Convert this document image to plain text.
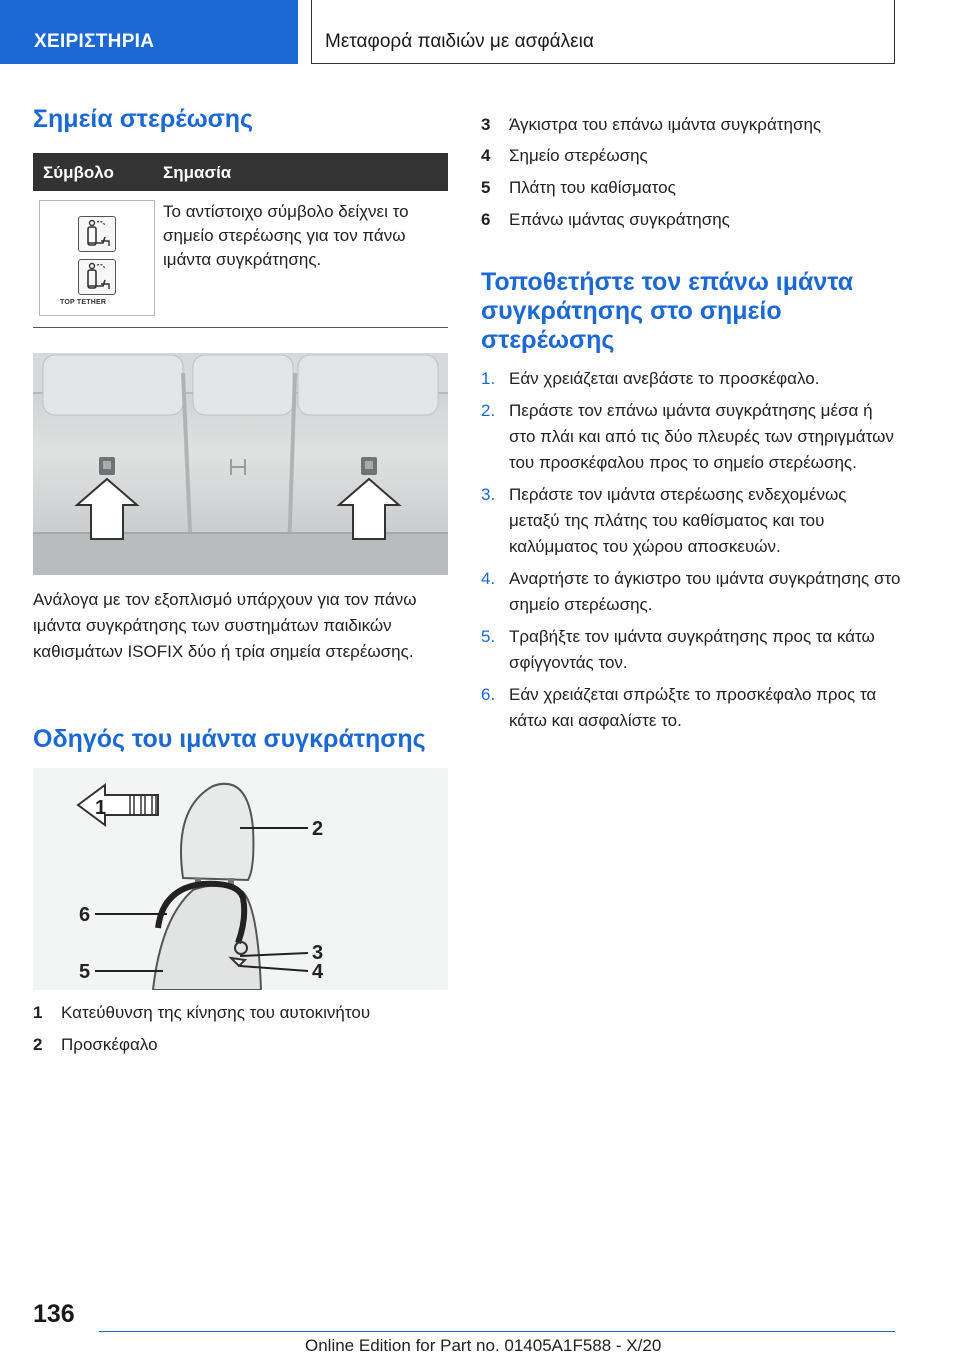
ΧΕΙΡΙΣΤΗΡΙΑ	Μεταφορά παιδιών με ασφάλεια
Σημεία στερέωσης
Σύμβολο	Σημασία
TOP TETHER
Το αντίστοιχο σύμβολο δείχνει το σημείο στερέωσης για τον πάνω ιμάντα συγκράτησης.
Ανάλογα με τον εξοπλισμό υπάρχουν για τον πάνω ιμάντα συγκράτησης των συστημάτων παιδικών καθισμάτων ISOFIX δύο ή τρία σημεία στερέωσης.
Οδηγός του ιμάντα συγκράτησης
1
2
3
4
5
6
1 Κατεύθυνση της κίνησης του αυτοκινήτου
2 Προσκέφαλο
3 Άγκιστρα του επάνω ιμάντα συγκράτησης
4 Σημείο στερέωσης
5 Πλάτη του καθίσματος
6 Επάνω ιμάντας συγκράτησης
Τοποθετήστε τον επάνω ιμάντα συγκράτησης στο σημείο στερέωσης
1. Εάν χρειάζεται ανεβάστε το προσκέφαλο.
2. Περάστε τον επάνω ιμάντα συγκράτησης μέσα ή στο πλάι και από τις δύο πλευρές των στηριγμάτων του προσκέφαλου προς το σημείο στερέωσης.
3. Περάστε τον ιμάντα στερέωσης ενδεχομένως μεταξύ της πλάτης του καθίσματος και του καλύμματος του χώρου αποσκευών.
4. Αναρτήστε το άγκιστρο του ιμάντα συγκράτησης στο σημείο στερέωσης.
5. Τραβήξτε τον ιμάντα συγκράτησης προς τα κάτω σφίγγοντάς τον.
6. Εάν χρειάζεται σπρώξτε το προσκέφαλο προς τα κάτω και ασφαλίστε το.
136
Online Edition for Part no. 01405A1F588 - X/20
